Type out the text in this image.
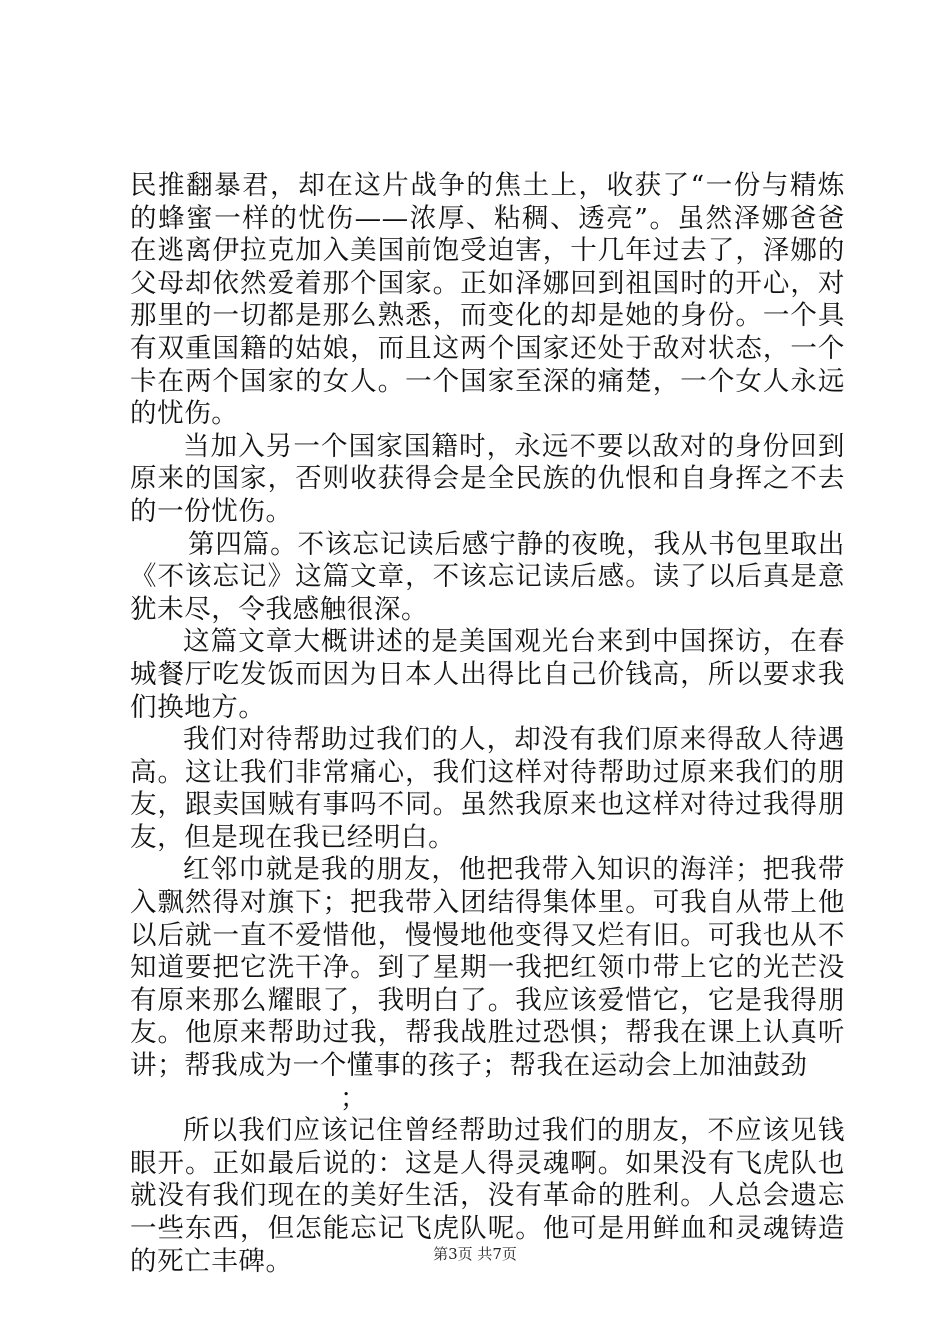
民推翻暴君，却在这片战争的焦土上，收获了“一份与精炼的蜂蜜一样的忧伤——浓厚、粘稠、透亮”。虽然泽娜爸爸在逃离伊拉克加入美国前饱受迫害，十几年过去了，泽娜的父母却依然爱着那个国家。正如泽娜回到祖国时的开心，对那里的一切都是那么熟悉，而变化的却是她的身份。一个具有双重国籍的姑娘，而且这两个国家还处于敌对状态，一个卡在两个国家的女人。一个国家至深的痛楚，一个女人永远的忧伤。

当加入另一个国家国籍时，永远不要以敌对的身份回到原来的国家，否则收获得会是全民族的仇恨和自身挥之不去的一份忧伤。

第四篇。不该忘记读后感宁静的夜晚，我从书包里取出《不该忘记》这篇文章，不该忘记读后感。读了以后真是意犹未尽，令我感触很深。

这篇文章大概讲述的是美国观光台来到中国探访，在春城餐厅吃发饭而因为日本人出得比自己价钱高，所以要求我们换地方。

我们对待帮助过我们的人，却没有我们原来得敌人待遇高。这让我们非常痛心，我们这样对待帮助过原来我们的朋友，跟卖国贼有事吗不同。虽然我原来也这样对待过我得朋友，但是现在我已经明白。

红邻巾就是我的朋友，他把我带入知识的海洋；把我带入飘然得对旗下；把我带入团结得集体里。可我自从带上他以后就一直不爱惜他，慢慢地他变得又烂有旧。可我也从不知道要把它洗干净。到了星期一我把红领巾带上它的光芒没有原来那么耀眼了，我明白了。我应该爱惜它，它是我得朋友。他原来帮助过我，帮我战胜过恐惧；帮我在课上认真听讲；帮我成为一个懂事的孩子；帮我在运动会上加油鼓劲

；

所以我们应该记住曾经帮助过我们的朋友，不应该见钱眼开。正如最后说的：这是人得灵魂啊。如果没有飞虎队也就没有我们现在的美好生活，没有革命的胜利。人总会遗忘一些东西，但怎能忘记飞虎队呢。他可是用鲜血和灵魂铸造的死亡丰碑。	第3页 共7页
